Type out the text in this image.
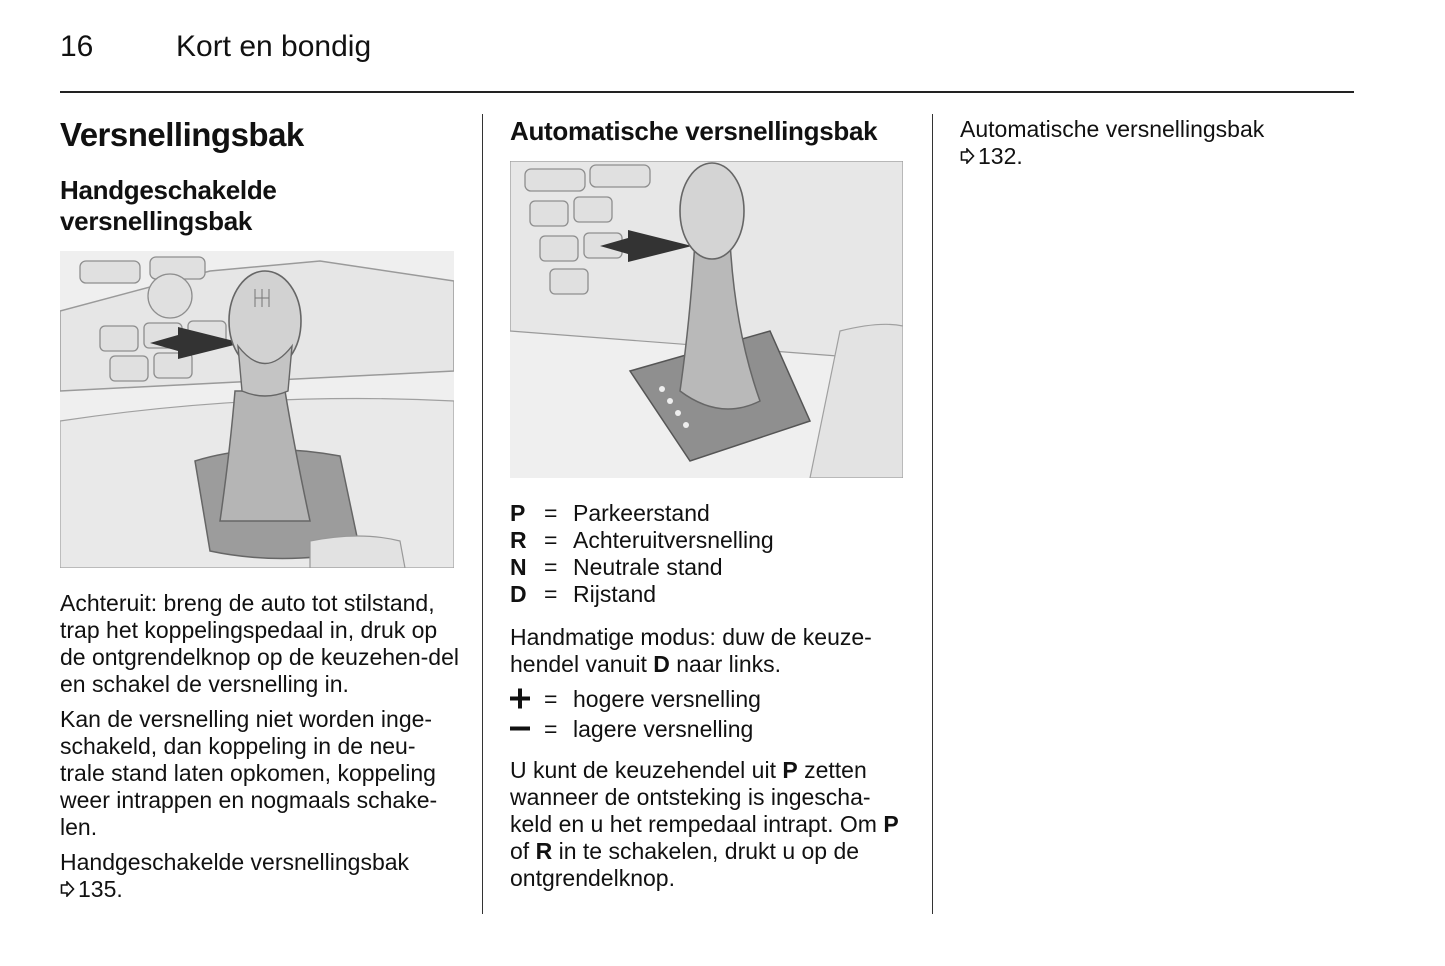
16	Kort en bondig
Versnellingsbak
Handgeschakelde
versnellingsbak

Achteruit: breng de auto tot stilstand, trap het koppelingspedaal in, druk op de ontgrendelknop op de keuzehen-del en schakel de versnelling in.

Kan de versnelling niet worden inge-schakeld, dan koppeling in de neu-trale stand laten opkomen, koppeling weer intrappen en nogmaals schake-len.

Handgeschakelde versnellingsbak
135.
Automatische versnellingsbak
P = Parkeerstand
R = Achteruitversnelling
N = Neutrale stand
D = Rijstand
Handmatige modus: duw de keuze-hendel vanuit D naar links.
= hogere versnelling
= lagere versnelling
U kunt de keuzehendel uit P zetten wanneer de ontsteking is ingescha-keld en u het rempedaal intrapt. Om P of R in te schakelen, drukt u op de ontgrendelknop.
Automatische versnellingsbak
132.
